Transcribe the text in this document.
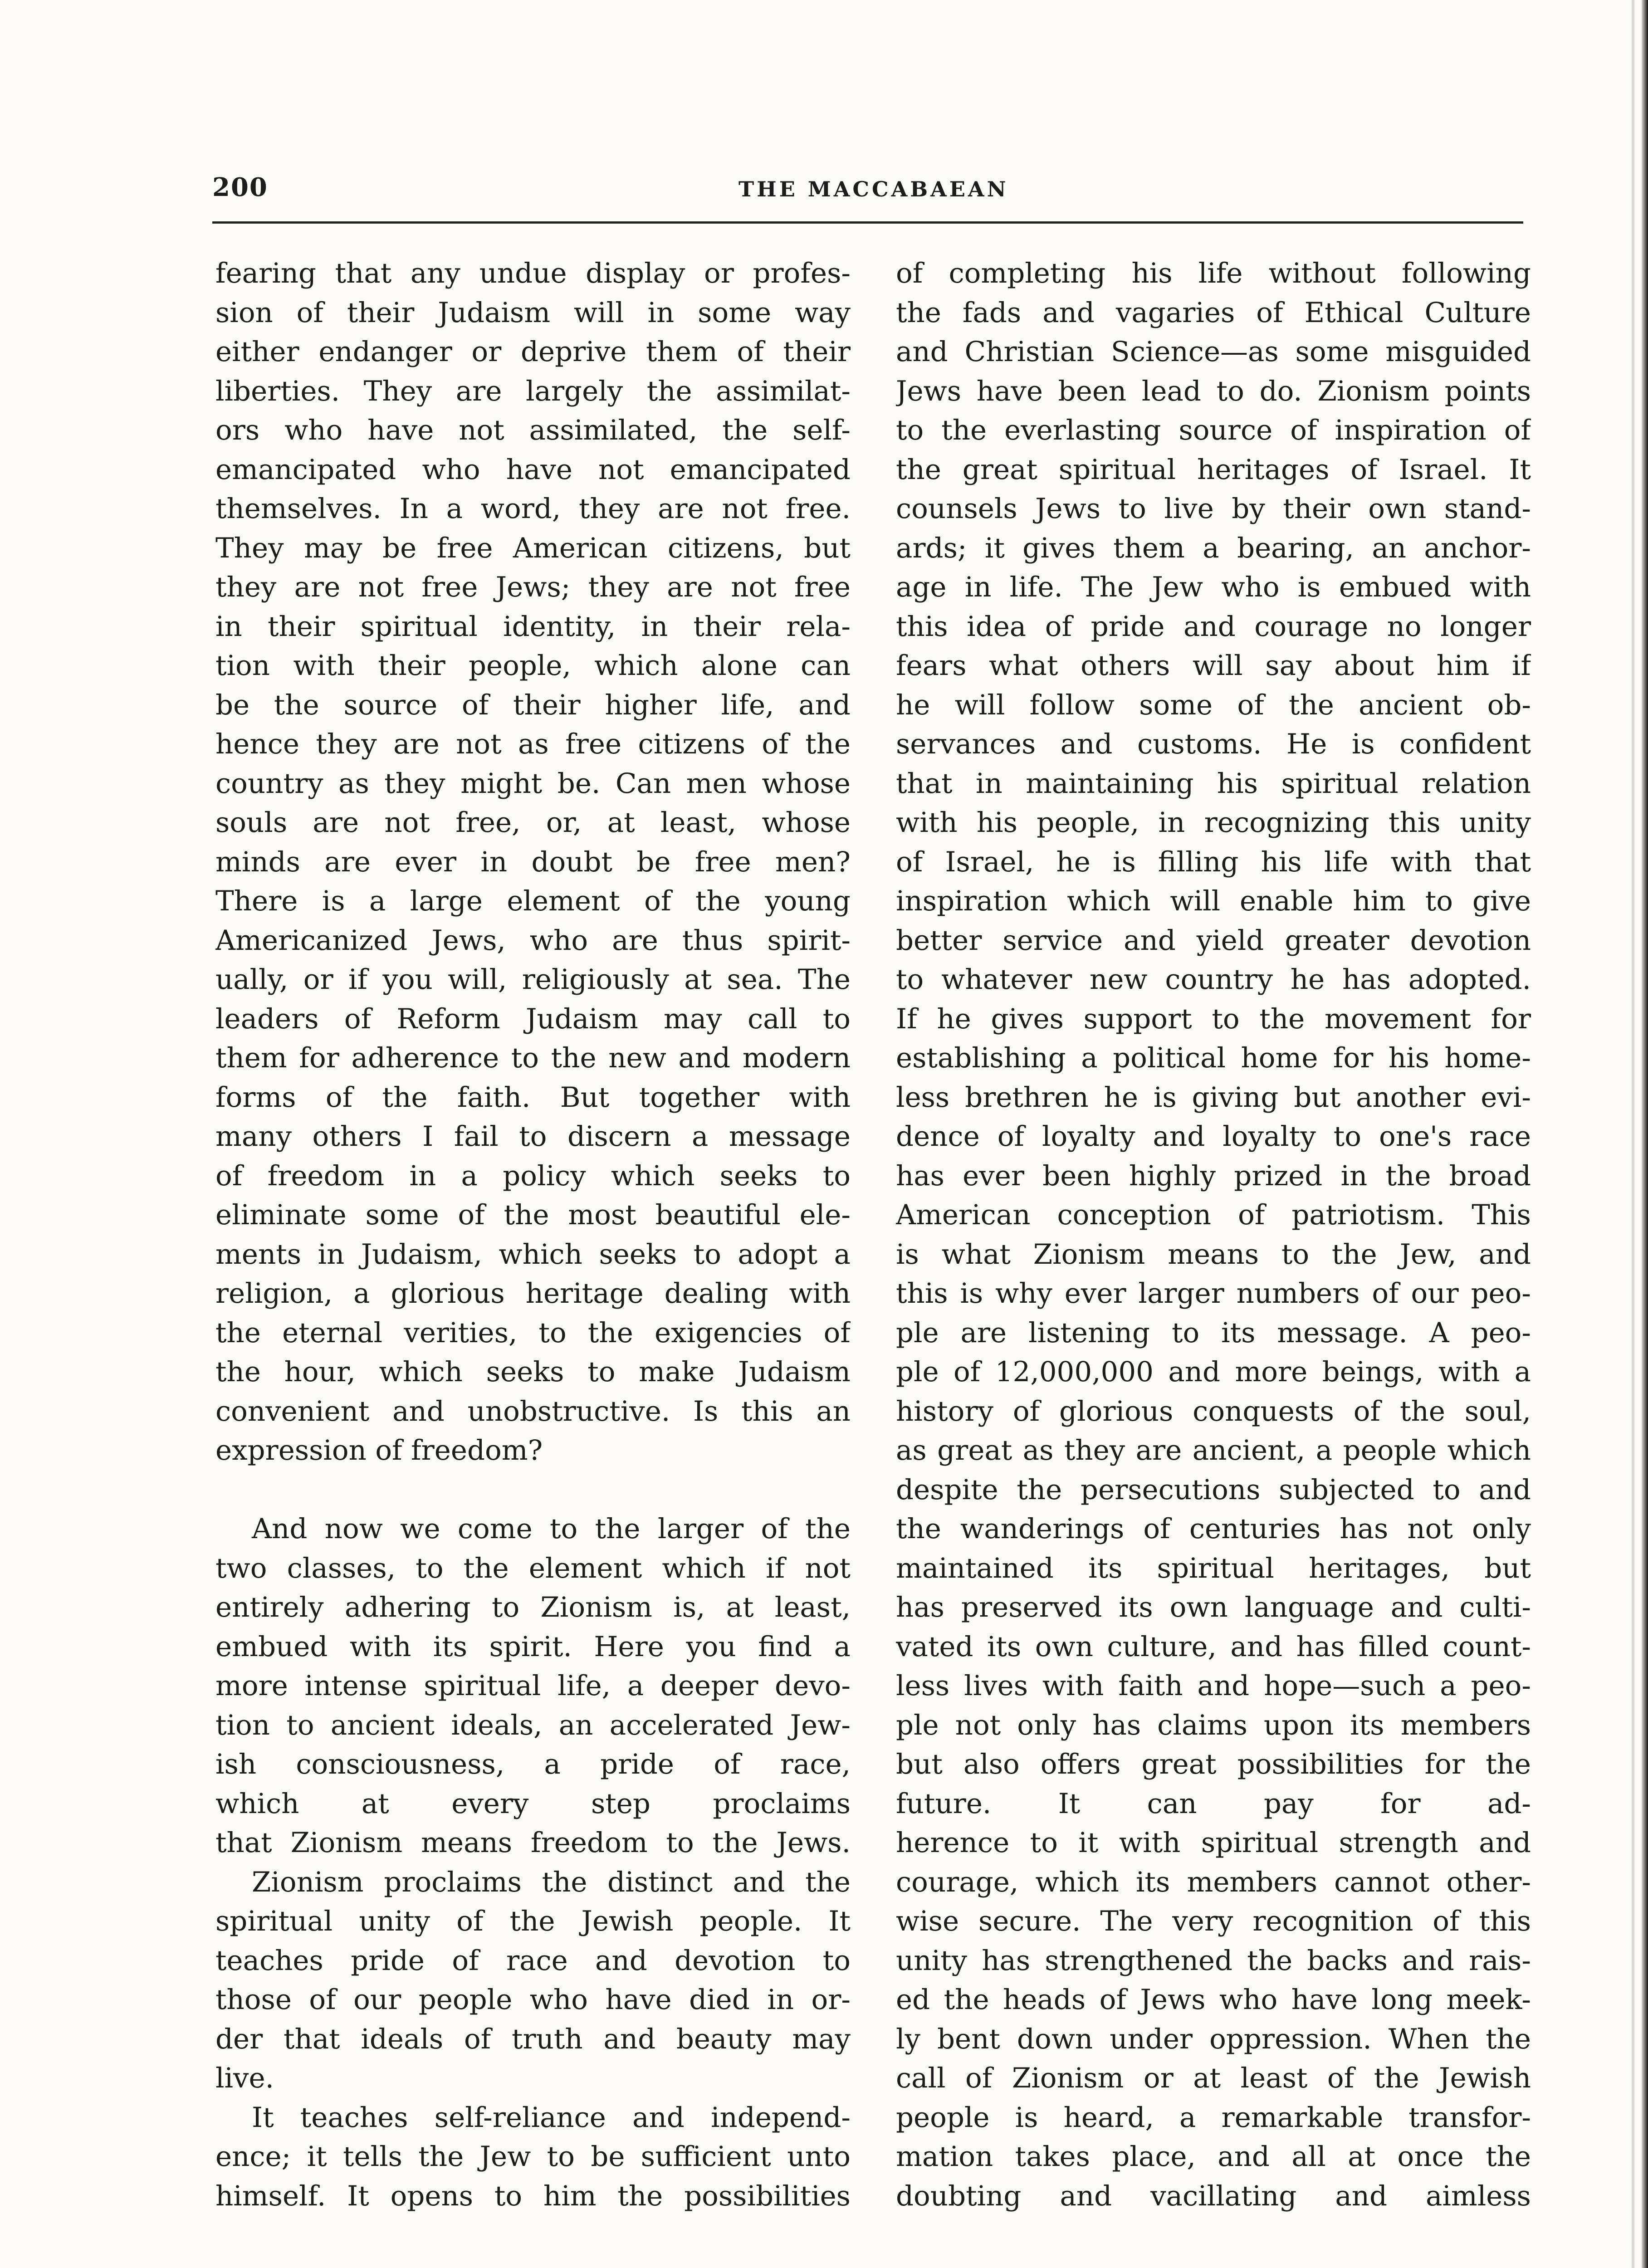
200	THE MACCABAEAN
fearing that any undue display or profes-
sion of their Judaism will in some way
either endanger or deprive them of their
liberties. They are largely the assimilat-
ors who have not assimilated, the self-
emancipated who have not emancipated
themselves. In a word, they are not free.
They may be free American citizens, but
they are not free Jews; they are not free
in their spiritual identity, in their rela-
tion with their people, which alone can
be the source of their higher life, and
hence they are not as free citizens of the
country as they might be. Can men whose
souls are not free, or, at least, whose
minds are ever in doubt be free men?
There is a large element of the young
Americanized Jews, who are thus spirit-
ually, or if you will, religiously at sea. The
leaders of Reform Judaism may call to
them for adherence to the new and modern
forms of the faith. But together with
many others I fail to discern a message
of freedom in a policy which seeks to
eliminate some of the most beautiful ele-
ments in Judaism, which seeks to adopt a
religion, a glorious heritage dealing with
the eternal verities, to the exigencies of
the hour, which seeks to make Judaism
convenient and unobstructive. Is this an
expression of freedom?
And now we come to the larger of the
two classes, to the element which if not
entirely adhering to Zionism is, at least,
embued with its spirit. Here you find a
more intense spiritual life, a deeper devo-
tion to ancient ideals, an accelerated Jew-
ish consciousness, a pride of race,
which at every step proclaims
that Zionism means freedom to the Jews.
Zionism proclaims the distinct and the
spiritual unity of the Jewish people. It
teaches pride of race and devotion to
those of our people who have died in or-
der that ideals of truth and beauty may
live.
It teaches self-reliance and independ-
ence; it tells the Jew to be sufficient unto
himself. It opens to him the possibilities
of completing his life without following
the fads and vagaries of Ethical Culture
and Christian Science—as some misguided
Jews have been lead to do. Zionism points
to the everlasting source of inspiration of
the great spiritual heritages of Israel. It
counsels Jews to live by their own stand-
ards; it gives them a bearing, an anchor-
age in life. The Jew who is embued with
this idea of pride and courage no longer
fears what others will say about him if
he will follow some of the ancient ob-
servances and customs. He is confident
that in maintaining his spiritual relation
with his people, in recognizing this unity
of Israel, he is filling his life with that
inspiration which will enable him to give
better service and yield greater devotion
to whatever new country he has adopted.
If he gives support to the movement for
establishing a political home for his home-
less brethren he is giving but another evi-
dence of loyalty and loyalty to one's race
has ever been highly prized in the broad
American conception of patriotism. This
is what Zionism means to the Jew, and
this is why ever larger numbers of our peo-
ple are listening to its message. A peo-
ple of 12,000,000 and more beings, with a
history of glorious conquests of the soul,
as great as they are ancient, a people which
despite the persecutions subjected to and
the wanderings of centuries has not only
maintained its spiritual heritages, but
has preserved its own language and culti-
vated its own culture, and has filled count-
less lives with faith and hope—such a peo-
ple not only has claims upon its members
but also offers great possibilities for the
future. It can pay for ad-
herence to it with spiritual strength and
courage, which its members cannot other-
wise secure. The very recognition of this
unity has strengthened the backs and rais-
ed the heads of Jews who have long meek-
ly bent down under oppression. When the
call of Zionism or at least of the Jewish
people is heard, a remarkable transfor-
mation takes place, and all at once the
doubting and vacillating and aimless
